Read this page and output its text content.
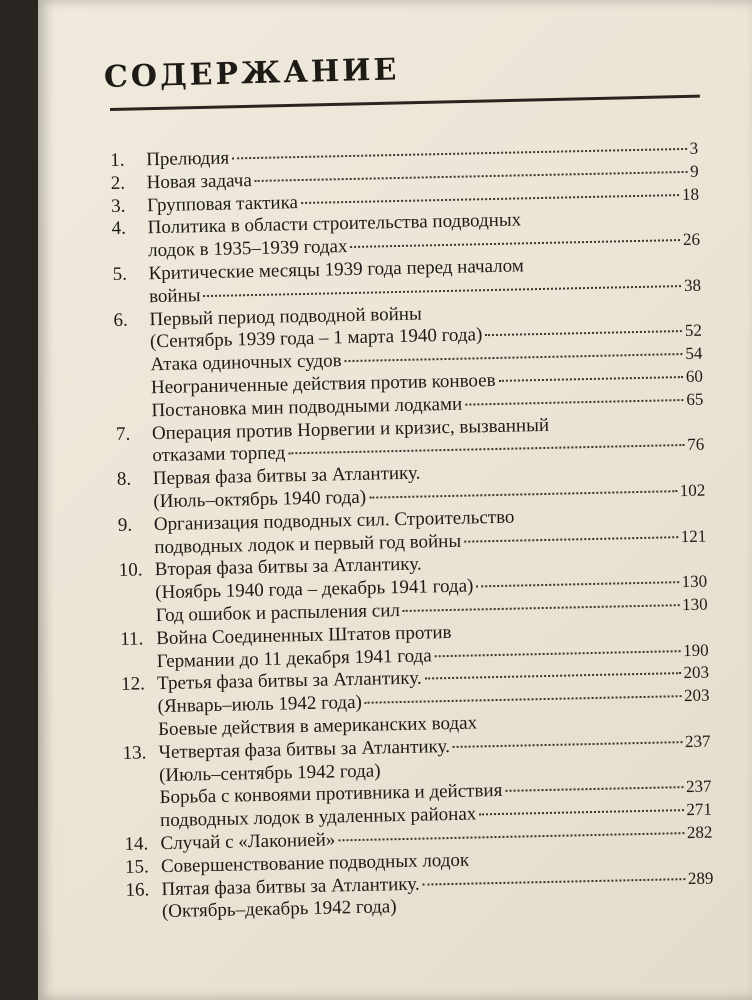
СОДЕРЖАНИЕ
1.	Прелюдия	3
2.	Новая задача	9
3.	Групповая тактика	18
4.	Политика в области строительства подводных
лодок в 1935–1939 годах	26
5.	Критические месяцы 1939 года перед началом
войны	38
6.	Первый период подводной войны
(Сентябрь 1939 года – 1 марта 1940 года)	52
Атака одиночных судов	54
Неограниченные действия против конвоев	60
Постановка мин подводными лодками	65
7.	Операция против Норвегии и кризис, вызванный
отказами торпед	76
8.	Первая фаза битвы за Атлантику.
(Июль–октябрь 1940 года)	102
9.	Организация подводных сил. Строительство
подводных лодок и первый год войны	121
10. Вторая фаза битвы за Атлантику.
(Ноябрь 1940 года – декабрь 1941 года)	130
Год ошибок и распыления сил	130
11. Война Соединенных Штатов против
Германии до 11 декабря 1941 года	190
12. Третья фаза битвы за Атлантику.	203
(Январь–июль 1942 года)	203
Боевые действия в американских водах
13. Четвертая фаза битвы за Атлантику.	237
(Июль–сентябрь 1942 года)
Борьба с конвоями противника и действия	237
подводных лодок в удаленных районах	271
14. Случай с «Лаконией»	282
15. Совершенствование подводных лодок
16. Пятая фаза битвы за Атлантику.	289
(Октябрь–декабрь 1942 года)
